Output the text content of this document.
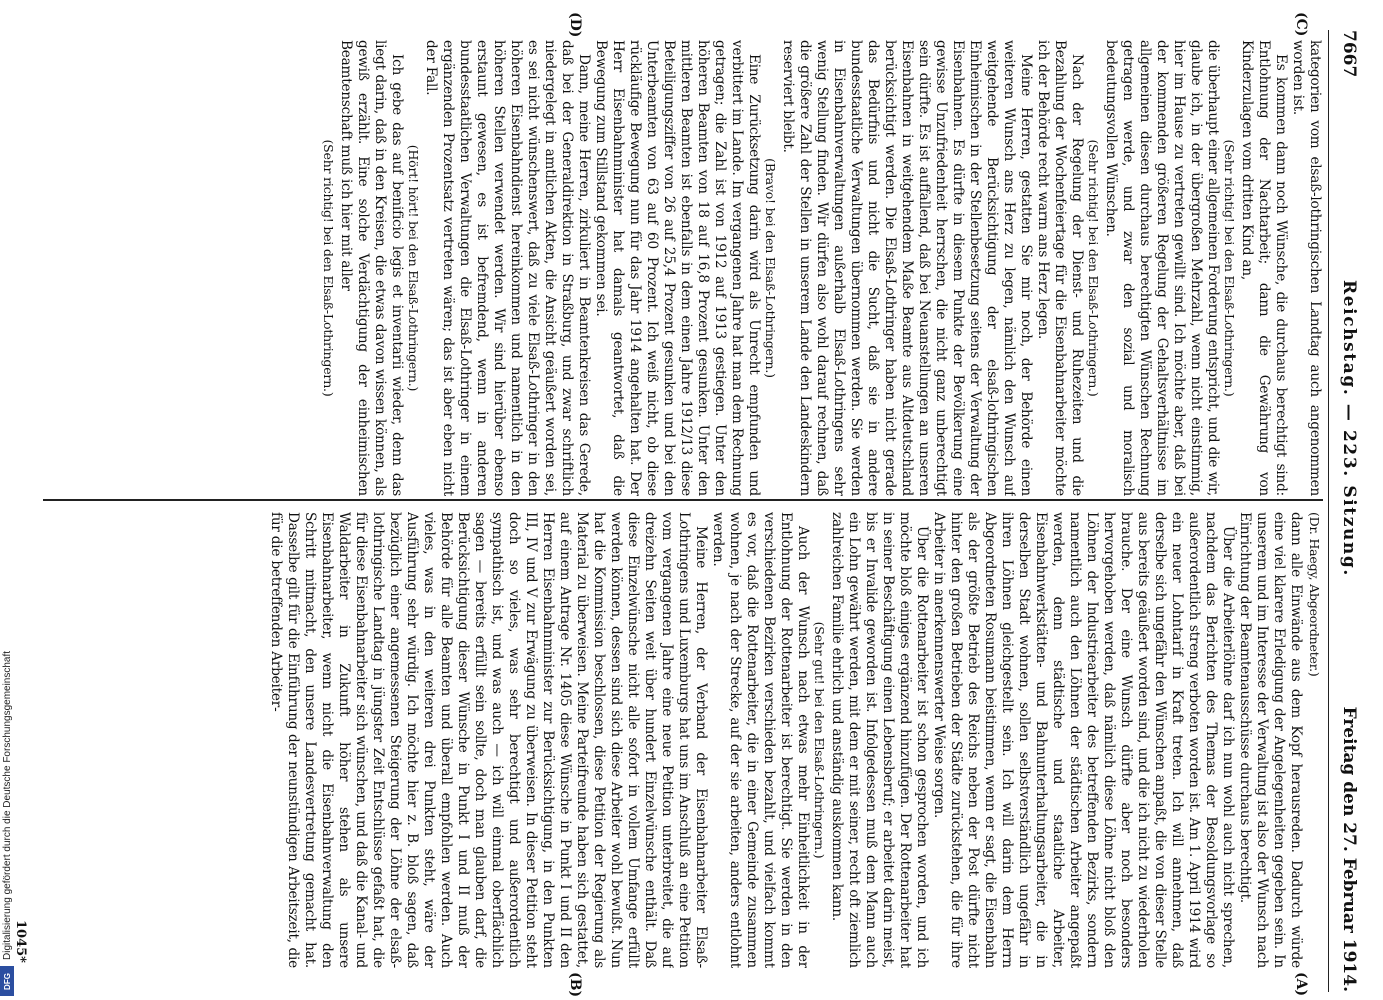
7667
Reichstag. — 223. Sitzung.
Freitag den 27. Februar 1914.
(C)
(D)
(A)
(B)

kategorien vom elsaß-lothringischen Landtag auch angenommen worden ist.

Es kommen dann noch Wünsche, die durchaus berechtigt sind: Entlohnung der Nachtarbeit; dann die Gewährung von Kinderzulagen vom dritten Kind an,

(Sehr richtig! bei den Elsaß-Lothringern.)

die überhaupt einer allgemeinen Forderung entspricht, und die wir, glaube ich, in der übergroßen Mehrzahl, wenn nicht einstimmig, hier im Hause zu vertreten gewillt sind. Ich möchte aber, daß bei der kommenden größeren Regelung der Gehaltsverhältnisse im allgemeinen diesen durchaus berechtigten Wünschen Rechnung getragen werde, und zwar den sozial und moralisch bedeutungsvollen Wünschen.

(Sehr richtig! bei den Elsaß-Lothringern.)

Nach der Regelung der Dienst- und Ruhezeiten und die Bezahlung der Wochenfeiertage für die Eisenbahnarbeiter möchte ich der Behörde recht warm ans Herz legen.

Meine Herren, gestatten Sie mir noch, der Behörde einen weiteren Wunsch ans Herz zu legen, nämlich den Wunsch auf weitgehende Berücksichtigung der elsaß-lothringischen Einheimischen in der Stellenbesetzung seitens der Verwaltung der Eisenbahnen. Es dürfte in diesem Punkte der Bevölkerung eine gewisse Unzufriedenheit herrschen, die nicht ganz unberechtigt sein dürfte. Es ist auffallend, daß bei Neuanstellungen an unseren Eisenbahnen in weitgehendem Maße Beamte aus Altdeutschland berücksichtigt werden. Die Elsaß-Lothringer haben nicht gerade das Bedürfnis und nicht die Sucht, daß sie in andere bundesstaatliche Verwaltungen übernommen werden. Sie werden in Eisenbahnverwaltungen außerhalb Elsaß-Lothringens sehr wenig Stellung finden. Wir dürfen also wohl darauf rechnen, daß die größere Zahl der Stellen in unserem Lande den Landeskindern reserviert bleibt.

(Bravo! bei den Elsaß-Lothringern.)

Eine Zurücksetzung darin wird als Unrecht empfunden und verbittert im Lande. Im vergangenen Jahre hat man dem Rechnung getragen; die Zahl ist von 1912 auf 1913 gestiegen. Unter den höheren Beamten von 18 auf 16,8 Prozent gesunken. Unter den mittleren Beamten ist ebenfalls in dem einen Jahre 1912/13 diese Beteiligungsziffer von 26 auf 25,4 Prozent gesunken und bei den Unterbeamten von 63 auf 60 Prozent. Ich weiß nicht, ob diese rückläufige Bewegung nun für das Jahr 1914 angehalten hat. Der Herr Eisenbahnminister hat damals geantwortet, daß die Bewegung zum Stillstand gekommen sei.

Dann, meine Herren, zirkuliert in Beamtenkreisen das Gerede, daß bei der Generaldirektion in Straßburg, und zwar schriftlich niedergelegt in amtlichen Akten, die Ansicht geäußert worden sei, es sei nicht wünschenswert, daß zu viele Elsaß-Lothringer in den höheren Eisenbahndienst hereinkommen und namentlich in den höheren Stellen verwendet werden. Wir sind hierüber ebenso erstaunt gewesen, es ist befremdend, wenn in anderen bundesstaatlichen Verwaltungen die Elsaß-Lothringer in einem ergänzenden Prozentsatz vertreten wären; das ist aber eben nicht der Fall.

(Hört! hört! bei den Elsaß-Lothringern.)

Ich gebe das auf benificio legis et inventarii wieder, denn das liegt darin, daß in den Kreisen, die etwas davon wissen können, als gewiß erzählt. Eine solche Verdächtigung der einheimischen Beamtenschaft muß ich hier mit aller

(Sehr richtig! bei den Elsaß-Lothringern.)

(Dr. Haegy, Abgeordneter.)

dann alle Einwände aus dem Kopf herausreden. Dadurch würde eine viel klarere Erledigung der Angelegenheiten gegeben sein. In unserem und im Interesse der Verwaltung ist also der Wunsch nach Einrichtung der Beamtenausschüsse durchaus berechtigt.

Über die Arbeiterlöhne darf ich nun wohl auch nicht sprechen, nachdem das Berichten des Themas der Besoldungsvorlage so außerordentlich streng verboten worden ist. Am 1. April 1914 wird ein neuer Lohntarif in Kraft treten. Ich will annehmen, daß derselbe sich ungefähr den Wünschen anpaßt, die von dieser Stelle aus bereits geäußert worden sind, und die ich nicht zu wiederholen brauche. Der eine Wunsch dürfte aber noch besonders hervorgehoben werden, daß nämlich diese Löhne nicht bloß den Löhnen der Industriearbeiter des betreffenden Bezirks, sondern namentlich auch den Löhnen der städtischen Arbeiter angepaßt werden, denn städtische und staatliche Arbeiter, Eisenbahnwerkstätten- und Bahnunterhaltungsarbeiter, die in derselben Stadt wohnen, sollen selbstverständlich ungefähr in ihren Löhnen gleichgestellt sein. Ich will darin dem Herrn Abgeordneten Rosumann beistimmen, wenn er sagt, die Eisenbahn als der größte Betrieb des Reichs neben der Post dürfte nicht hinter den großen Betrieben der Städte zurückstehen, die für ihre Arbeiter in anerkennenswerter Weise sorgen.

Über die Rottenarbeiter ist schon gesprochen worden, und ich möchte bloß einiges ergänzend hinzufügen. Der Rottenarbeiter hat in seiner Beschäftigung einen Lebensberuf; er arbeitet darin meist, bis er Invalide geworden ist. Infolgedessen muß dem Mann auch ein Lohn gewährt werden, mit dem er mit seiner, recht oft ziemlich zahlreichen Familie ehrlich und anständig auskommen kann.

(Sehr gut! bei den Elsaß-Lothringern.)

Auch der Wunsch nach etwas mehr Einheitlichkeit in der Entlohnung der Rottenarbeiter ist berechtigt. Sie werden in den verschiedenen Bezirken verschieden bezahlt, und vielfach kommt es vor, daß die Rottenarbeiter, die in einer Gemeinde zusammen wohnen, je nach der Strecke, auf der sie arbeiten, anders entlohnt werden.

Meine Herren, der Verband der Eisenbahnarbeiter Elsaß-Lothringens und Luxemburgs hat uns im Anschluß an eine Petition vom vergangenen Jahre eine neue Petition unterbreitet, die auf dreizehn Seiten weit über hundert Einzelwünsche enthält. Daß diese Einzelwünsche nicht alle sofort in vollem Umfange erfüllt werden können, dessen sind sich diese Arbeiter wohl bewußt. Nun hat die Kommission beschlossen, diese Petition der Regierung als Material zu überweisen. Meine Parteifreunde haben sich gestattet, auf einem Antrage Nr. 1405 diese Wünsche in Punkt I und II den Herren Eisenbahnminister zur Berücksichtigung, in den Punkten III, IV und V zur Erwägung zu überweisen. In dieser Petition steht doch so vieles, was sehr berechtigt und außerordentlich sympathisch ist, und was auch — ich will einmal oberflächlich sagen — bereits erfüllt sein sollte, doch man glauben darf, die Berücksichtigung dieser Wünsche in Punkt I und II muß der Behörde für alle Beamten und überall empfohlen werden. Auch vieles, was in den weiteren drei Punkten steht, wäre der Ausführung sehr würdig. Ich möchte hier z. B. bloß sagen, daß bezüglich einer angemessenen Steigerung der Löhne der elsaß-lothringische Landtag in jüngster Zeit Entschlüsse gefaßt hat, die für diese Eisenbahnarbeiter sich wünschen, und daß die Kanal- und Waldarbeiter in Zukunft höher stehen als unsere Eisenbahnarbeiter, wenn nicht die Eisenbahnverwaltung den Schritt mitmacht, den unsere Landesvertretung gemacht hat. Dasselbe gilt für die Einführung der neunstündigen Arbeitszeit, die für die betreffenden Arbeiter-

1045*
Digitalisierung gefördert durch die Deutsche Forschungsgemeinschaft
DFG
